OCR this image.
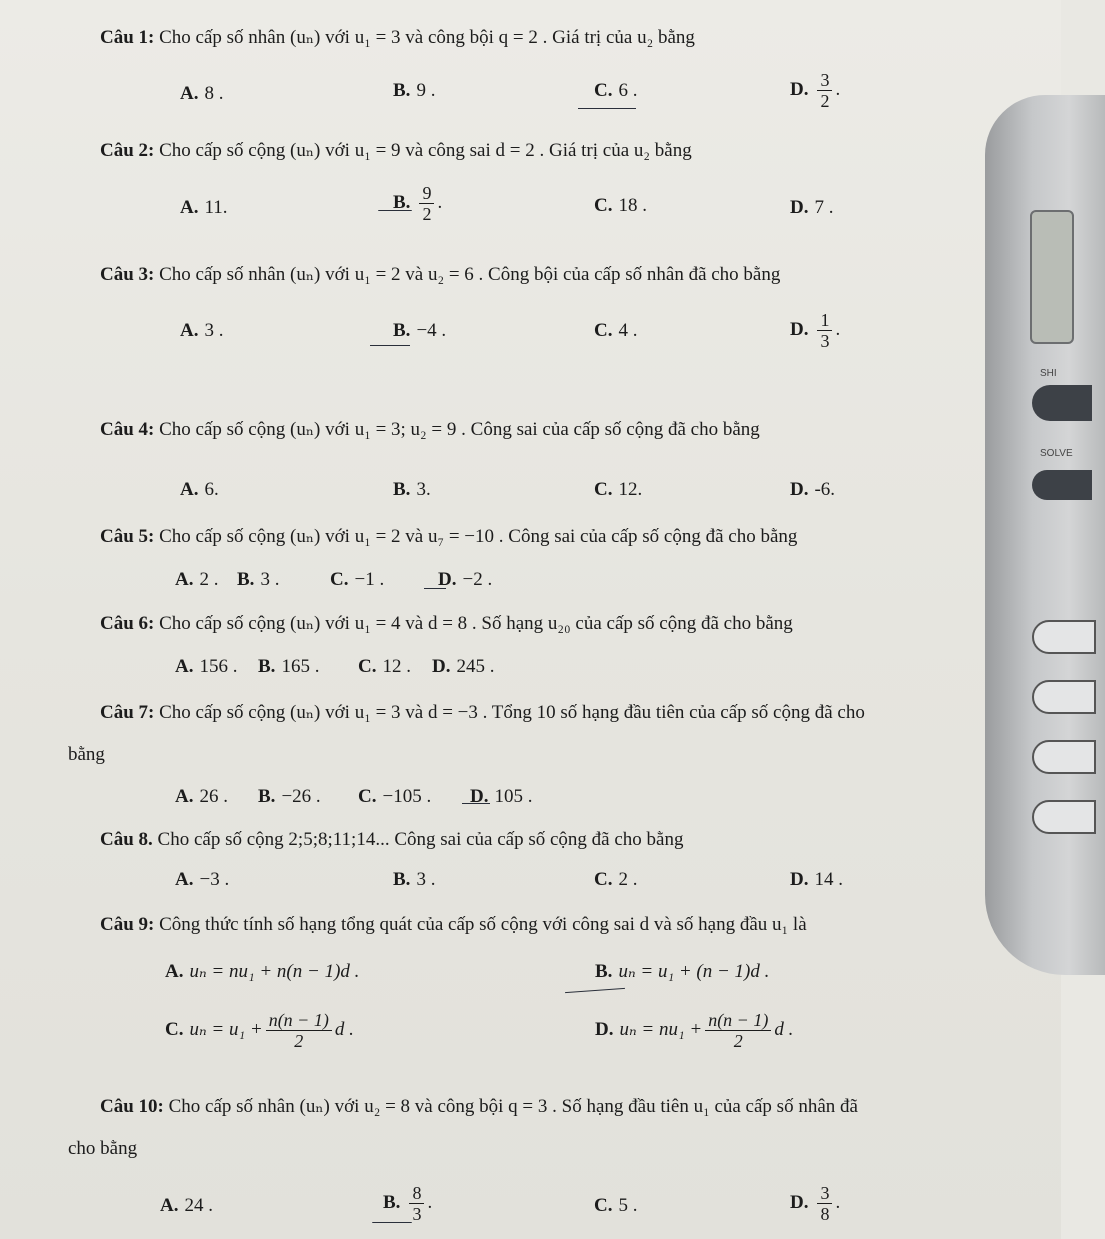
SHI
SOLVE
Câu 1: Cho cấp số nhân (uₙ) với u₁ = 3 và công bội q = 2 . Giá trị của u₂ bằng
A. 8 .	B. 9 .	C. 6 .	D. $\frac{3}{2}$ .
Câu 2: Cho cấp số cộng (uₙ) với u₁ = 9 và công sai d = 2 . Giá trị của u₂ bằng
A. 11.	B. $\frac{9}{2}$ .	C. 18 .	D. 7 .
Câu 3: Cho cấp số nhân (uₙ) với u₁ = 2 và u₂ = 6 . Công bội của cấp số nhân đã cho bằng
A. 3 .	B. −4 .	C. 4 .	D. $\frac{1}{3}$ .
Câu 4: Cho cấp số cộng (uₙ) với u₁ = 3; u₂ = 9 . Công sai của cấp số cộng đã cho bằng
A. 6.	B. 3.	C. 12.	D. -6.
Câu 5: Cho cấp số cộng (uₙ) với u₁ = 2 và u₇ = −10 . Công sai của cấp số cộng đã cho bằng
A. 2 . B. 3 .	C. −1 .	D. −2 .
Câu 6: Cho cấp số cộng (uₙ) với u₁ = 4 và d = 8 . Số hạng u₂₀ của cấp số cộng đã cho bằng
A. 156 . B. 165 . C. 12 . D. 245 .
Câu 7: Cho cấp số cộng (uₙ) với u₁ = 3 và d = −3 . Tổng 10 số hạng đầu tiên của cấp số cộng đã cho
bằng
A. 26 . B. −26 . C. −105 . D. 105 .
Câu 8. Cho cấp số cộng 2;5;8;11;14... Công sai của cấp số cộng đã cho bằng
A. −3 .	B. 3 .	C. 2 .	D. 14 .
Câu 9: Công thức tính số hạng tổng quát của cấp số cộng với công sai d và số hạng đầu u₁ là
A. uₙ = nu₁ + n(n − 1)d .	B. uₙ = u₁ + (n − 1)d .
C. $u_n = u_1 + \frac{n(n - 1)}{2}$ d .	D. $u_n = nu_1 + \frac{n(n - 1)}{2}$ d .
Câu 10: Cho cấp số nhân (uₙ) với u₂ = 8 và công bội q = 3 . Số hạng đầu tiên u₁ của cấp số nhân đã
cho bằng
A. 24 .	B. $\frac{8}{3}$ .	C. 5 .	D. $\frac{3}{8}$ .
